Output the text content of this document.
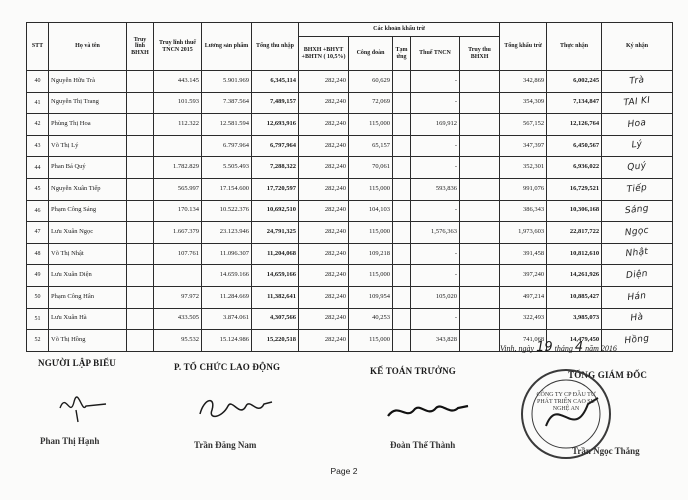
STT	Họ và tên	Truy lĩnh BHXH	Truy lĩnh thuế TNCN 2015	Lương sản phẩm	Tổng thu nhập	Các khoản khấu trừ					Tổng khấu trừ	Thực nhận	Ký nhận
						BHXH +BHYT +BHTN ( 10,5%)	Công đoàn	Tạm ứng	Thuế TNCN	Truy thu BHXH			
40	Nguyễn Hữu Trà		443.145	5.901.969	6,345,114	282,240	60,629		-		342,869	6,002,245	Trà

41	Nguyễn Thị Trang		101.593	7.387.564	7,489,157	282,240	72,069		-		354,309	7,134,847	TAI KI

42	Phùng Thị Hoa		112.322	12.581.594	12,693,916	282,240	115,000		169,912		567,152	12,126,764	Hoa

43	Võ Thị Lý			6.797.964	6,797,964	282,240	65,157		-		347,397	6,450,567	Lý

44	Phan Bá Quý		1.782.829	5.505.493	7,288,322	282,240	70,061		-		352,301	6,936,022	Quý

45	Nguyễn Xuân Tiếp		565.997	17.154.600	17,720,597	282,240	115,000		593,836		991,076	16,729,521	Tiếp

46	Phạm Công Sáng		170.134	10.522.376	10,692,510	282,240	104,103		-		386,343	10,306,168	Sáng

47	Lưu Xuân Ngọc		1.667.379	23.123.946	24,791,325	282,240	115,000		1,576,363		1,973,603	22,817,722	Ngọc

48	Võ Thị Nhật		107.761	11.096.307	11,204,068	282,240	109,218		-		391,458	10,812,610	Nhật

49	Lưu Xuân Diện			14.659.166	14,659,166	282,240	115,000		-		397,240	14,261,926	Diện

50	Phạm Công Hân		97.972	11.284.669	11,382,641	282,240	109,954		105,020		497,214	10,885,427	Hán

51	Lưu Xuân Hà		433.505	3.874.061	4,307,566	282,240	40,253		-		322,493	3,985,073	Hà

52	Võ Thị Hồng		95.532	15.124.986	15,220,518	282,240	115,000		343,828		741,068	14,479,450	Hồng
Vinh, ngày 19 tháng 4 năm 2016
NGƯỜI LẬP BIỂU	P. TỔ CHỨC LAO ĐỘNG	KẾ TOÁN TRƯỞNG	TỔNG GIÁM ĐỐC
CÔNG TY CP ĐẦU TƯ PHÁT TRIỂN CAO SU NGHỆ AN
Phan Thị Hạnh	Trần Đăng Nam	Đoàn Thế Thành
Trần Ngọc Thắng
Page 2
